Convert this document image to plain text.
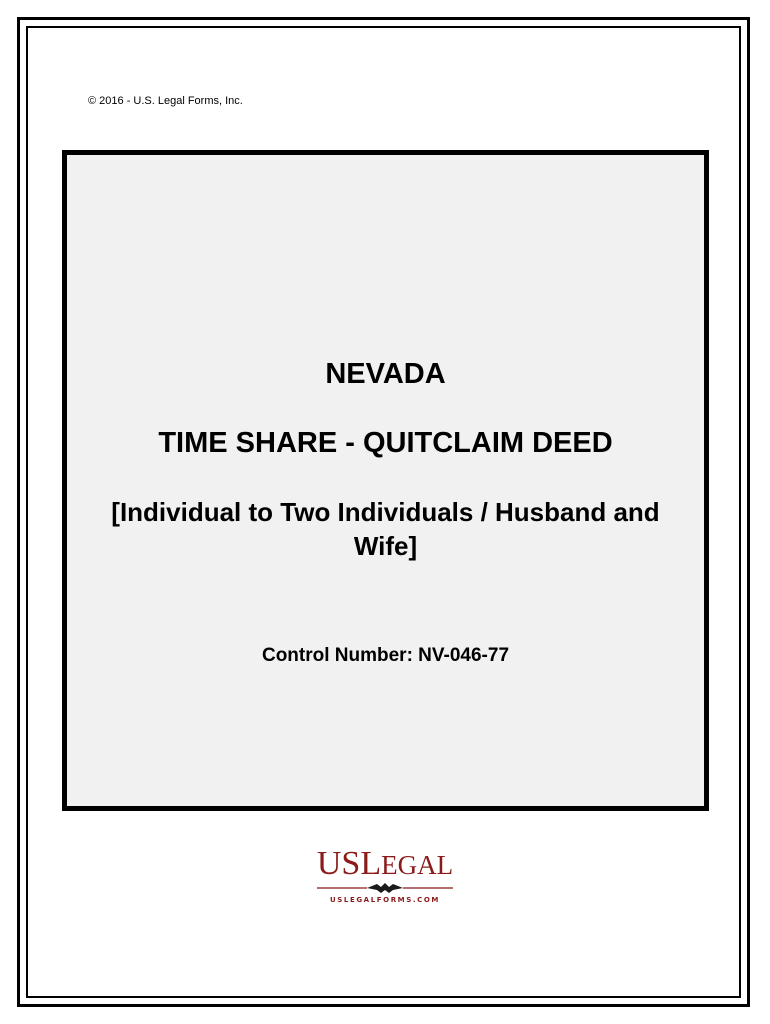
© 2016 - U.S. Legal Forms, Inc.
NEVADA
TIME SHARE - QUITCLAIM DEED
[Individual to Two Individuals / Husband and Wife]
Control Number: NV-046-77
USLEGAL
USLEGALFORMS.COM
